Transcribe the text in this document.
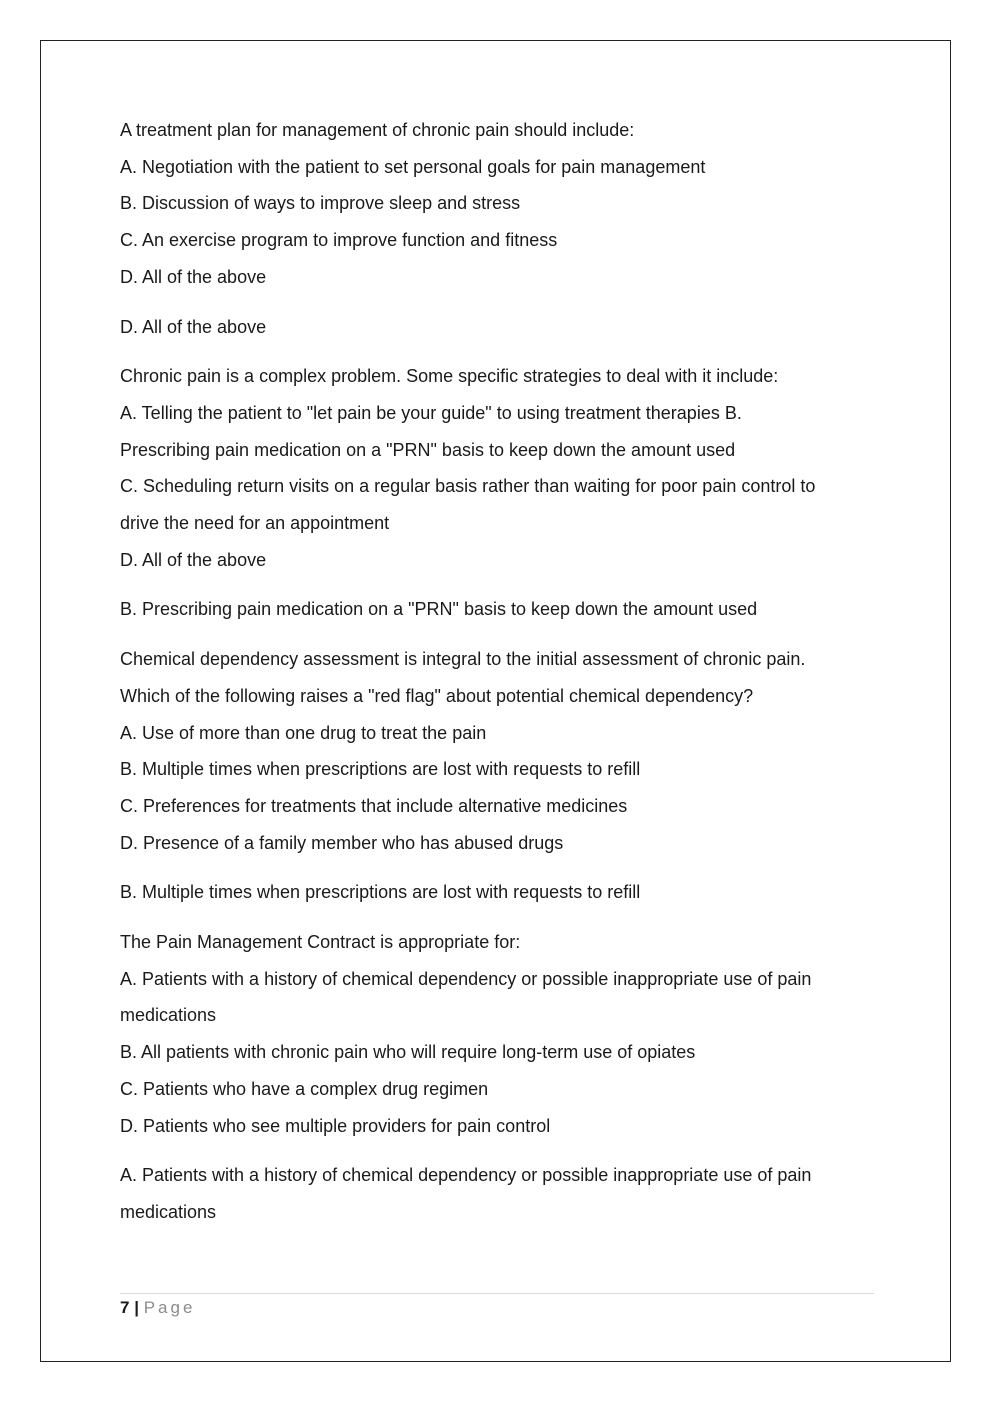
A treatment plan for management of chronic pain should include:
A. Negotiation with the patient to set personal goals for pain management
B. Discussion of ways to improve sleep and stress
C. An exercise program to improve function and fitness
D. All of the above
D. All of the above
Chronic pain is a complex problem. Some specific strategies to deal with it include:
A. Telling the patient to "let pain be your guide" to using treatment therapies B.
Prescribing pain medication on a "PRN" basis to keep down the amount used
C. Scheduling return visits on a regular basis rather than waiting for poor pain control to
drive the need for an appointment
D. All of the above
B. Prescribing pain medication on a "PRN" basis to keep down the amount used
Chemical dependency assessment is integral to the initial assessment of chronic pain.
Which of the following raises a "red flag" about potential chemical dependency?
A. Use of more than one drug to treat the pain
B. Multiple times when prescriptions are lost with requests to refill
C. Preferences for treatments that include alternative medicines
D. Presence of a family member who has abused drugs
B. Multiple times when prescriptions are lost with requests to refill
The Pain Management Contract is appropriate for:
A. Patients with a history of chemical dependency or possible inappropriate use of pain
medications
B. All patients with chronic pain who will require long-term use of opiates
C. Patients who have a complex drug regimen
D. Patients who see multiple providers for pain control
A. Patients with a history of chemical dependency or possible inappropriate use of pain
medications
7 | Page
